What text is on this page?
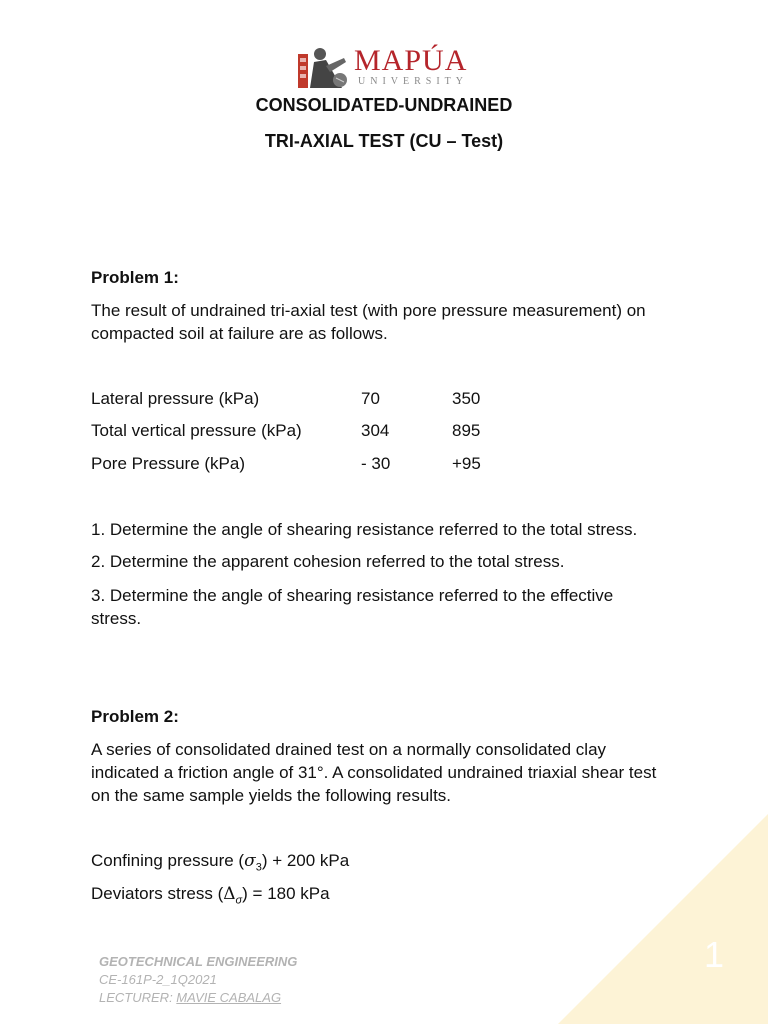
1
MAPÚA
UNIVERSITY
CONSOLIDATED-UNDRAINED
TRI-AXIAL TEST (CU – Test)
Problem 1:
The result of undrained tri-axial test (with pore pressure measurement) on
compacted soil at failure are as follows.
Lateral pressure (kPa)	70	350
Total vertical pressure (kPa)	304	895
Pore Pressure (kPa)	- 30	+95
1. Determine the angle of shearing resistance referred to the total stress.
2. Determine the apparent cohesion referred to the total stress.
3. Determine the angle of shearing resistance referred to the effective
stress.
Problem 2:
A series of consolidated drained test on a normally consolidated clay
indicated a friction angle of 31°. A consolidated undrained triaxial shear test
on the same sample yields the following results.
Confining pressure $(\sigma_3) + 200$ kPa
Deviators stress $(\Delta_\sigma) = 180$ kPa
GEOTECHNICAL ENGINEERING
CE-161P-2_1Q2021
LECTURER: MAVIE CABALAG
